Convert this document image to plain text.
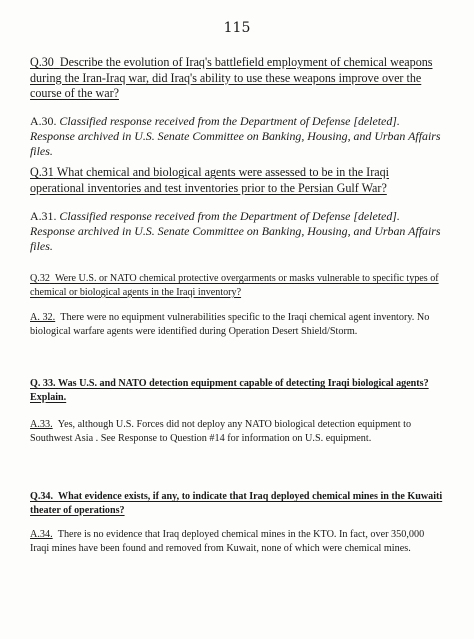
115

Q.30 Describe the evolution of Iraq's battlefield employment of chemical weapons during the Iran-Iraq war, did Iraq's ability to use these weapons improve over the course of the war?

A.30. Classified response received from the Department of Defense [deleted]. Response archived in U.S. Senate Committee on Banking, Housing, and Urban Affairs files.

Q.31 What chemical and biological agents were assessed to be in the Iraqi operational inventories and test inventories prior to the Persian Gulf War?

A.31. Classified response received from the Department of Defense [deleted]. Response archived in U.S. Senate Committee on Banking, Housing, and Urban Affairs files.

Q.32 Were U.S. or NATO chemical protective overgarments or masks vulnerable to specific types of chemical or biological agents in the Iraqi inventory?

A. 32. There were no equipment vulnerabilities specific to the Iraqi chemical agent inventory. No biological warfare agents were identified during Operation Desert Shield/Storm.

Q. 33. Was U.S. and NATO detection equipment capable of detecting Iraqi biological agents? Explain.

A.33. Yes, although U.S. Forces did not deploy any NATO biological detection equipment to Southwest Asia . See Response to Question #14 for information on U.S. equipment.

Q.34. What evidence exists, if any, to indicate that Iraq deployed chemical mines in the Kuwaiti theater of operations?

A.34. There is no evidence that Iraq deployed chemical mines in the KTO. In fact, over 350,000 Iraqi mines have been found and removed from Kuwait, none of which were chemical mines.
